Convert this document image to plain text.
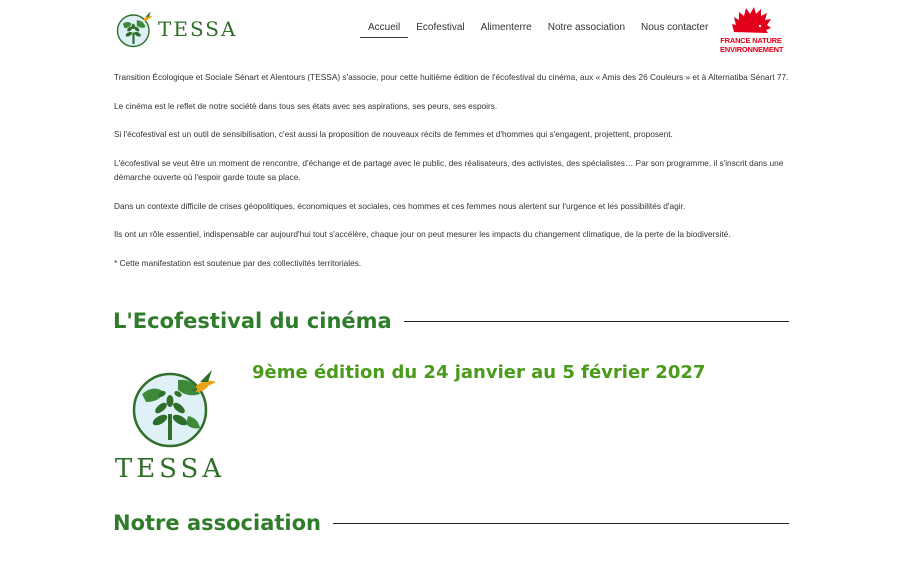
TESSA	Accueil	Ecofestival	Alimenterre	Notre association	Nous contacter
FRANCE NATURE
ENVIRONNEMENT

Transition Écologique et Sociale Sénart et Alentours (TESSA) s'associe, pour cette huitième édition de l'écofestival du cinéma, aux « Amis des 26 Couleurs » et à Alternatiba Sénart 77.

Le cinéma est le reflet de notre société dans tous ses états avec ses aspirations, ses peurs, ses espoirs.

Si l'écofestival est un outil de sensibilisation, c'est aussi la proposition de nouveaux récits de femmes et d'hommes qui s'engagent, projettent, proposent.

L'écofestival se veut être un moment de rencontre, d'échange et de partage avec le public, des réalisateurs, des activistes, des spécialistes… Par son programme, il s'inscrit dans une démarche ouverte où l'espoir garde toute sa place.

Dans un contexte difficile de crises géopolitiques, économiques et sociales, ces hommes et ces femmes nous alertent sur l'urgence et les possibilités d'agir.

Ils ont un rôle essentiel, indispensable car aujourd'hui tout s'accélère, chaque jour on peut mesurer les impacts du changement climatique, de la perte de la biodiversité.

* Cette manifestation est soutenue par des collectivités territoriales.

L'Ecofestival du cinéma
TESSA
9ème édition du 24 janvier au 5 février 2027
Notre association
